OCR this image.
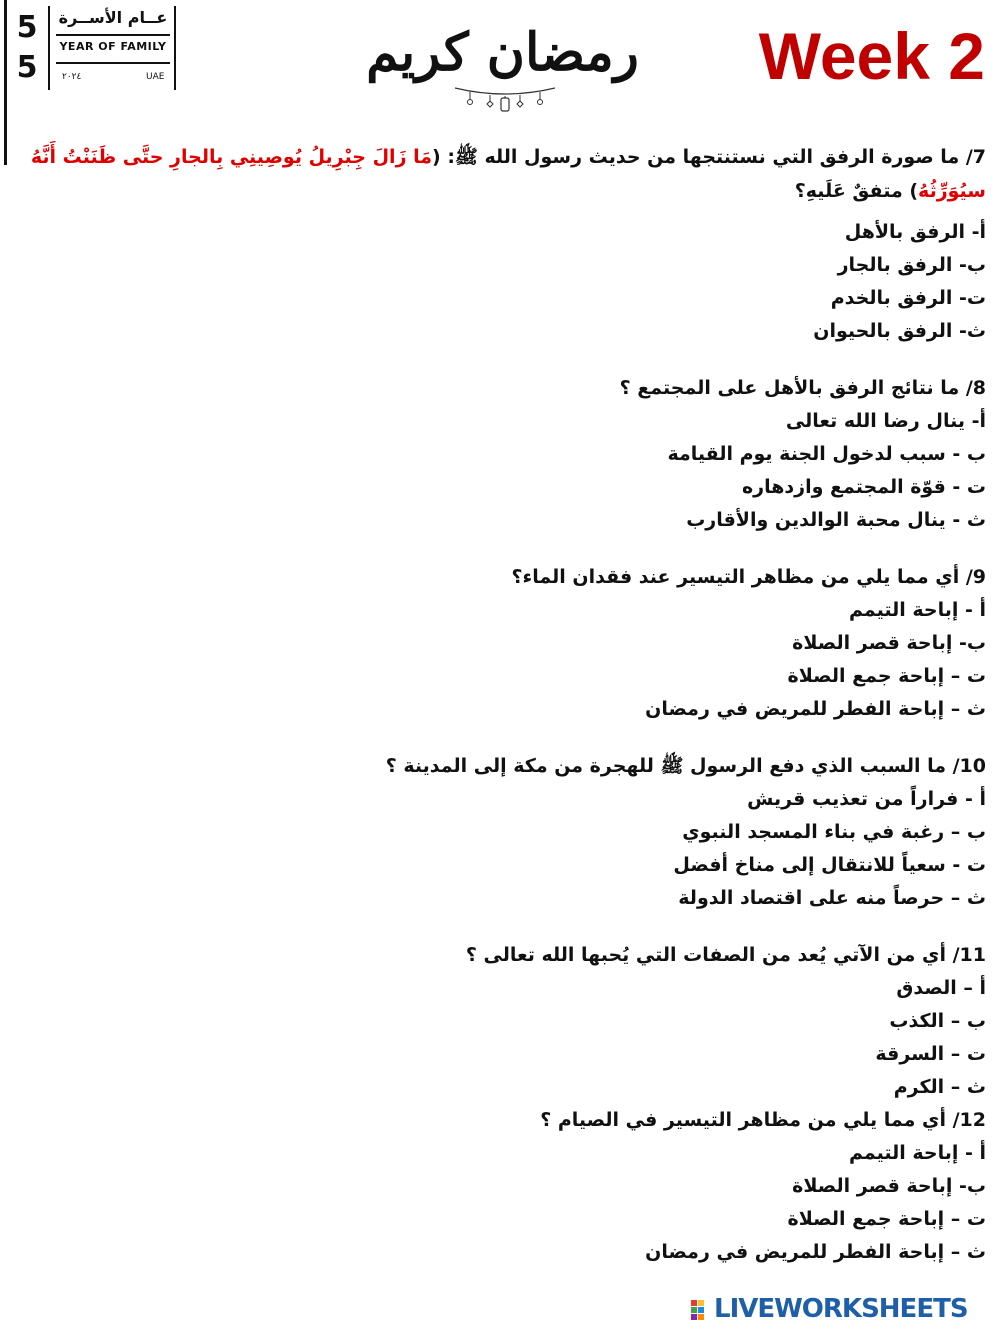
5
5
عــام الأســرة
YEAR OF FAMILY
٢٠٢٤	UAE	رمضان كريم Week 2

7/ ما صورة الرفق التي نستنتجها من حديث رسول الله ﷺ: (مَا زَالَ جِبْرِيلُ يُوصِينِي بِالجارِ حتَّى ظَنَنْتُ أَنَّهُ سيُوَرِّثُهُ) متفقٌ عَلَيهِ؟

أ- الرفق بالأهل

ب- الرفق بالجار

ت- الرفق بالخدم

ث- الرفق بالحيوان

8/ ما نتائج الرفق بالأهل على المجتمع ؟

أ- ينال رضا الله تعالى

ب - سبب لدخول الجنة يوم القيامة

ت - قوّة المجتمع وازدهاره

ث - ينال محبة الوالدين والأقارب

9/ أي مما يلي من مظاهر التيسير عند فقدان الماء؟

أ - إباحة التيمم

ب- إباحة قصر الصلاة

ت – إباحة جمع الصلاة

ث – إباحة الفطر للمريض في رمضان

10/ ما السبب الذي دفع الرسول ﷺ للهجرة من مكة إلى المدينة ؟

أ - فراراً من تعذيب قريش

ب – رغبة في بناء المسجد النبوي

ت - سعياً للانتقال إلى مناخ أفضل

ث – حرصاً منه على اقتصاد الدولة

11/ أي من الآتي يُعد من الصفات التي يُحبها الله تعالى ؟

أ – الصدق

ب – الكذب

ت – السرقة

ث – الكرم

12/ أي مما يلي من مظاهر التيسير في الصيام ؟

أ - إباحة التيمم

ب- إباحة قصر الصلاة

ت – إباحة جمع الصلاة

ث – إباحة الفطر للمريض في رمضان

LIVEWORKSHEETS
